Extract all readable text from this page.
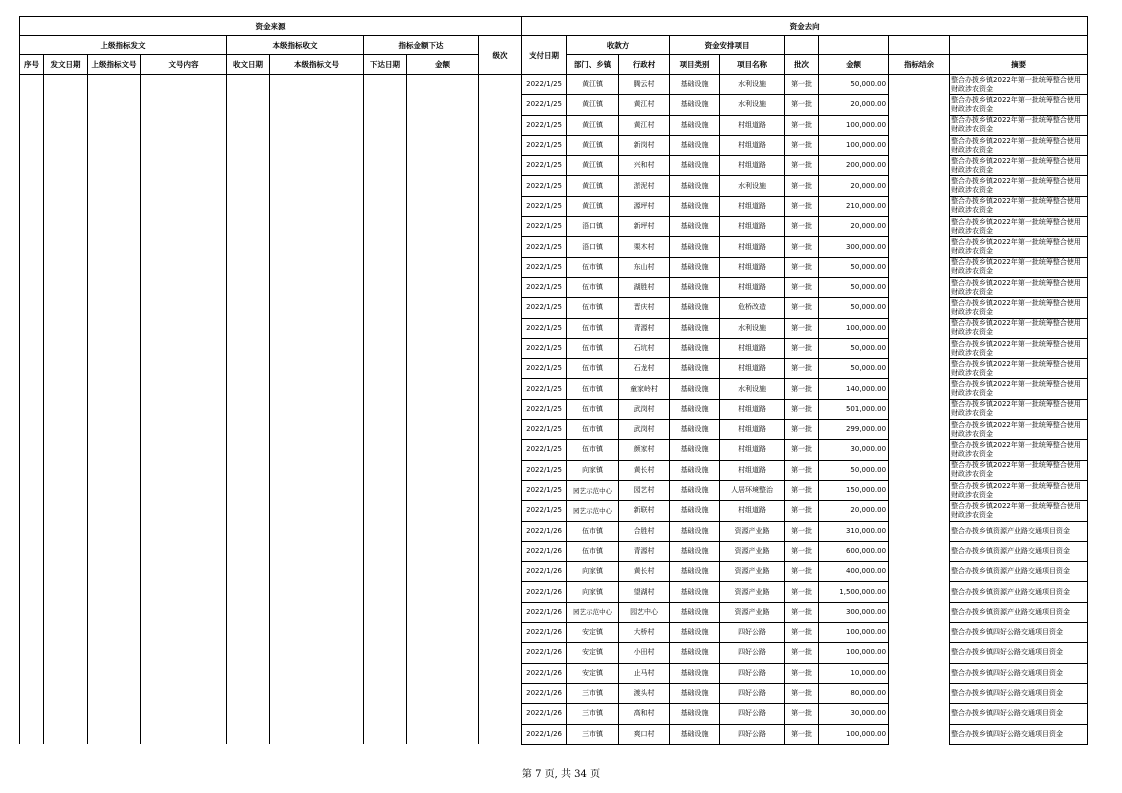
资金来源									资金去向								
上级指标发文				本级指标收文		指标金额下达		级次	支付日期	收款方		资金安排项目					
序号	发文日期	上级指标文号	文号内容	收文日期	本级指标文号	下达日期	金额			部门、乡镇	行政村	项目类别	项目名称	批次	金额	指标结余	摘要
									2022/1/25	黄江镇	腾云村	基础设施	水利设施	第一批	50,000.00		整合办拨乡镇2022年第一批统筹整合使用财政涉农资金
									2022/1/25	黄江镇	黄江村	基础设施	水利设施	第一批	20,000.00		整合办拨乡镇2022年第一批统筹整合使用财政涉农资金
									2022/1/25	黄江镇	黄江村	基础设施	村组道路	第一批	100,000.00		整合办拨乡镇2022年第一批统筹整合使用财政涉农资金
									2022/1/25	黄江镇	新岗村	基础设施	村组道路	第一批	100,000.00		整合办拨乡镇2022年第一批统筹整合使用财政涉农资金
									2022/1/25	黄江镇	兴和村	基础设施	村组道路	第一批	200,000.00		整合办拨乡镇2022年第一批统筹整合使用财政涉农资金
									2022/1/25	黄江镇	淤泥村	基础设施	水利设施	第一批	20,000.00		整合办拨乡镇2022年第一批统筹整合使用财政涉农资金
									2022/1/25	黄江镇	源坪村	基础设施	村组道路	第一批	210,000.00		整合办拨乡镇2022年第一批统筹整合使用财政涉农资金
									2022/1/25	浯口镇	新坪村	基础设施	村组道路	第一批	20,000.00		整合办拨乡镇2022年第一批统筹整合使用财政涉农资金
									2022/1/25	浯口镇	栗木村	基础设施	村组道路	第一批	300,000.00		整合办拨乡镇2022年第一批统筹整合使用财政涉农资金
									2022/1/25	伍市镇	东山村	基础设施	村组道路	第一批	50,000.00		整合办拨乡镇2022年第一批统筹整合使用财政涉农资金
									2022/1/25	伍市镇	湖胜村	基础设施	村组道路	第一批	50,000.00		整合办拨乡镇2022年第一批统筹整合使用财政涉农资金
									2022/1/25	伍市镇	晋庆村	基础设施	危桥改造	第一批	50,000.00		整合办拨乡镇2022年第一批统筹整合使用财政涉农资金
									2022/1/25	伍市镇	青源村	基础设施	水利设施	第一批	100,000.00		整合办拨乡镇2022年第一批统筹整合使用财政涉农资金
									2022/1/25	伍市镇	石坑村	基础设施	村组道路	第一批	50,000.00		整合办拨乡镇2022年第一批统筹整合使用财政涉农资金
									2022/1/25	伍市镇	石龙村	基础设施	村组道路	第一批	50,000.00		整合办拨乡镇2022年第一批统筹整合使用财政涉农资金
									2022/1/25	伍市镇	童家岭村	基础设施	水利设施	第一批	140,000.00		整合办拨乡镇2022年第一批统筹整合使用财政涉农资金
									2022/1/25	伍市镇	武岗村	基础设施	村组道路	第一批	501,000.00		整合办拨乡镇2022年第一批统筹整合使用财政涉农资金
									2022/1/25	伍市镇	武岗村	基础设施	村组道路	第一批	299,000.00		整合办拨乡镇2022年第一批统筹整合使用财政涉农资金
									2022/1/25	伍市镇	颜家村	基础设施	村组道路	第一批	30,000.00		整合办拨乡镇2022年第一批统筹整合使用财政涉农资金
									2022/1/25	向家镇	黄长村	基础设施	村组道路	第一批	50,000.00		整合办拨乡镇2022年第一批统筹整合使用财政涉农资金
									2022/1/25	园艺示范中心	园艺村	基础设施	人居环境整治	第一批	150,000.00		整合办拨乡镇2022年第一批统筹整合使用财政涉农资金
									2022/1/25	园艺示范中心	新联村	基础设施	村组道路	第一批	20,000.00		整合办拨乡镇2022年第一批统筹整合使用财政涉农资金
									2022/1/26	伍市镇	合胜村	基础设施	资源产业路	第一批	310,000.00		整合办拨乡镇资源产业路交通项目资金
									2022/1/26	伍市镇	青源村	基础设施	资源产业路	第一批	600,000.00		整合办拨乡镇资源产业路交通项目资金
									2022/1/26	向家镇	黄长村	基础设施	资源产业路	第一批	400,000.00		整合办拨乡镇资源产业路交通项目资金
									2022/1/26	向家镇	望湖村	基础设施	资源产业路	第一批	1,500,000.00		整合办拨乡镇资源产业路交通项目资金
									2022/1/26	园艺示范中心	园艺中心	基础设施	资源产业路	第一批	300,000.00		整合办拨乡镇资源产业路交通项目资金
									2022/1/26	安定镇	大桥村	基础设施	四好公路	第一批	100,000.00		整合办拨乡镇四好公路交通项目资金
									2022/1/26	安定镇	小田村	基础设施	四好公路	第一批	100,000.00		整合办拨乡镇四好公路交通项目资金
									2022/1/26	安定镇	止马村	基础设施	四好公路	第一批	10,000.00		整合办拨乡镇四好公路交通项目资金
									2022/1/26	三市镇	渡头村	基础设施	四好公路	第一批	80,000.00		整合办拨乡镇四好公路交通项目资金
									2022/1/26	三市镇	高和村	基础设施	四好公路	第一批	30,000.00		整合办拨乡镇四好公路交通项目资金
									2022/1/26	三市镇	爽口村	基础设施	四好公路	第一批	100,000.00		整合办拨乡镇四好公路交通项目资金
第 7 页, 共 34 页
